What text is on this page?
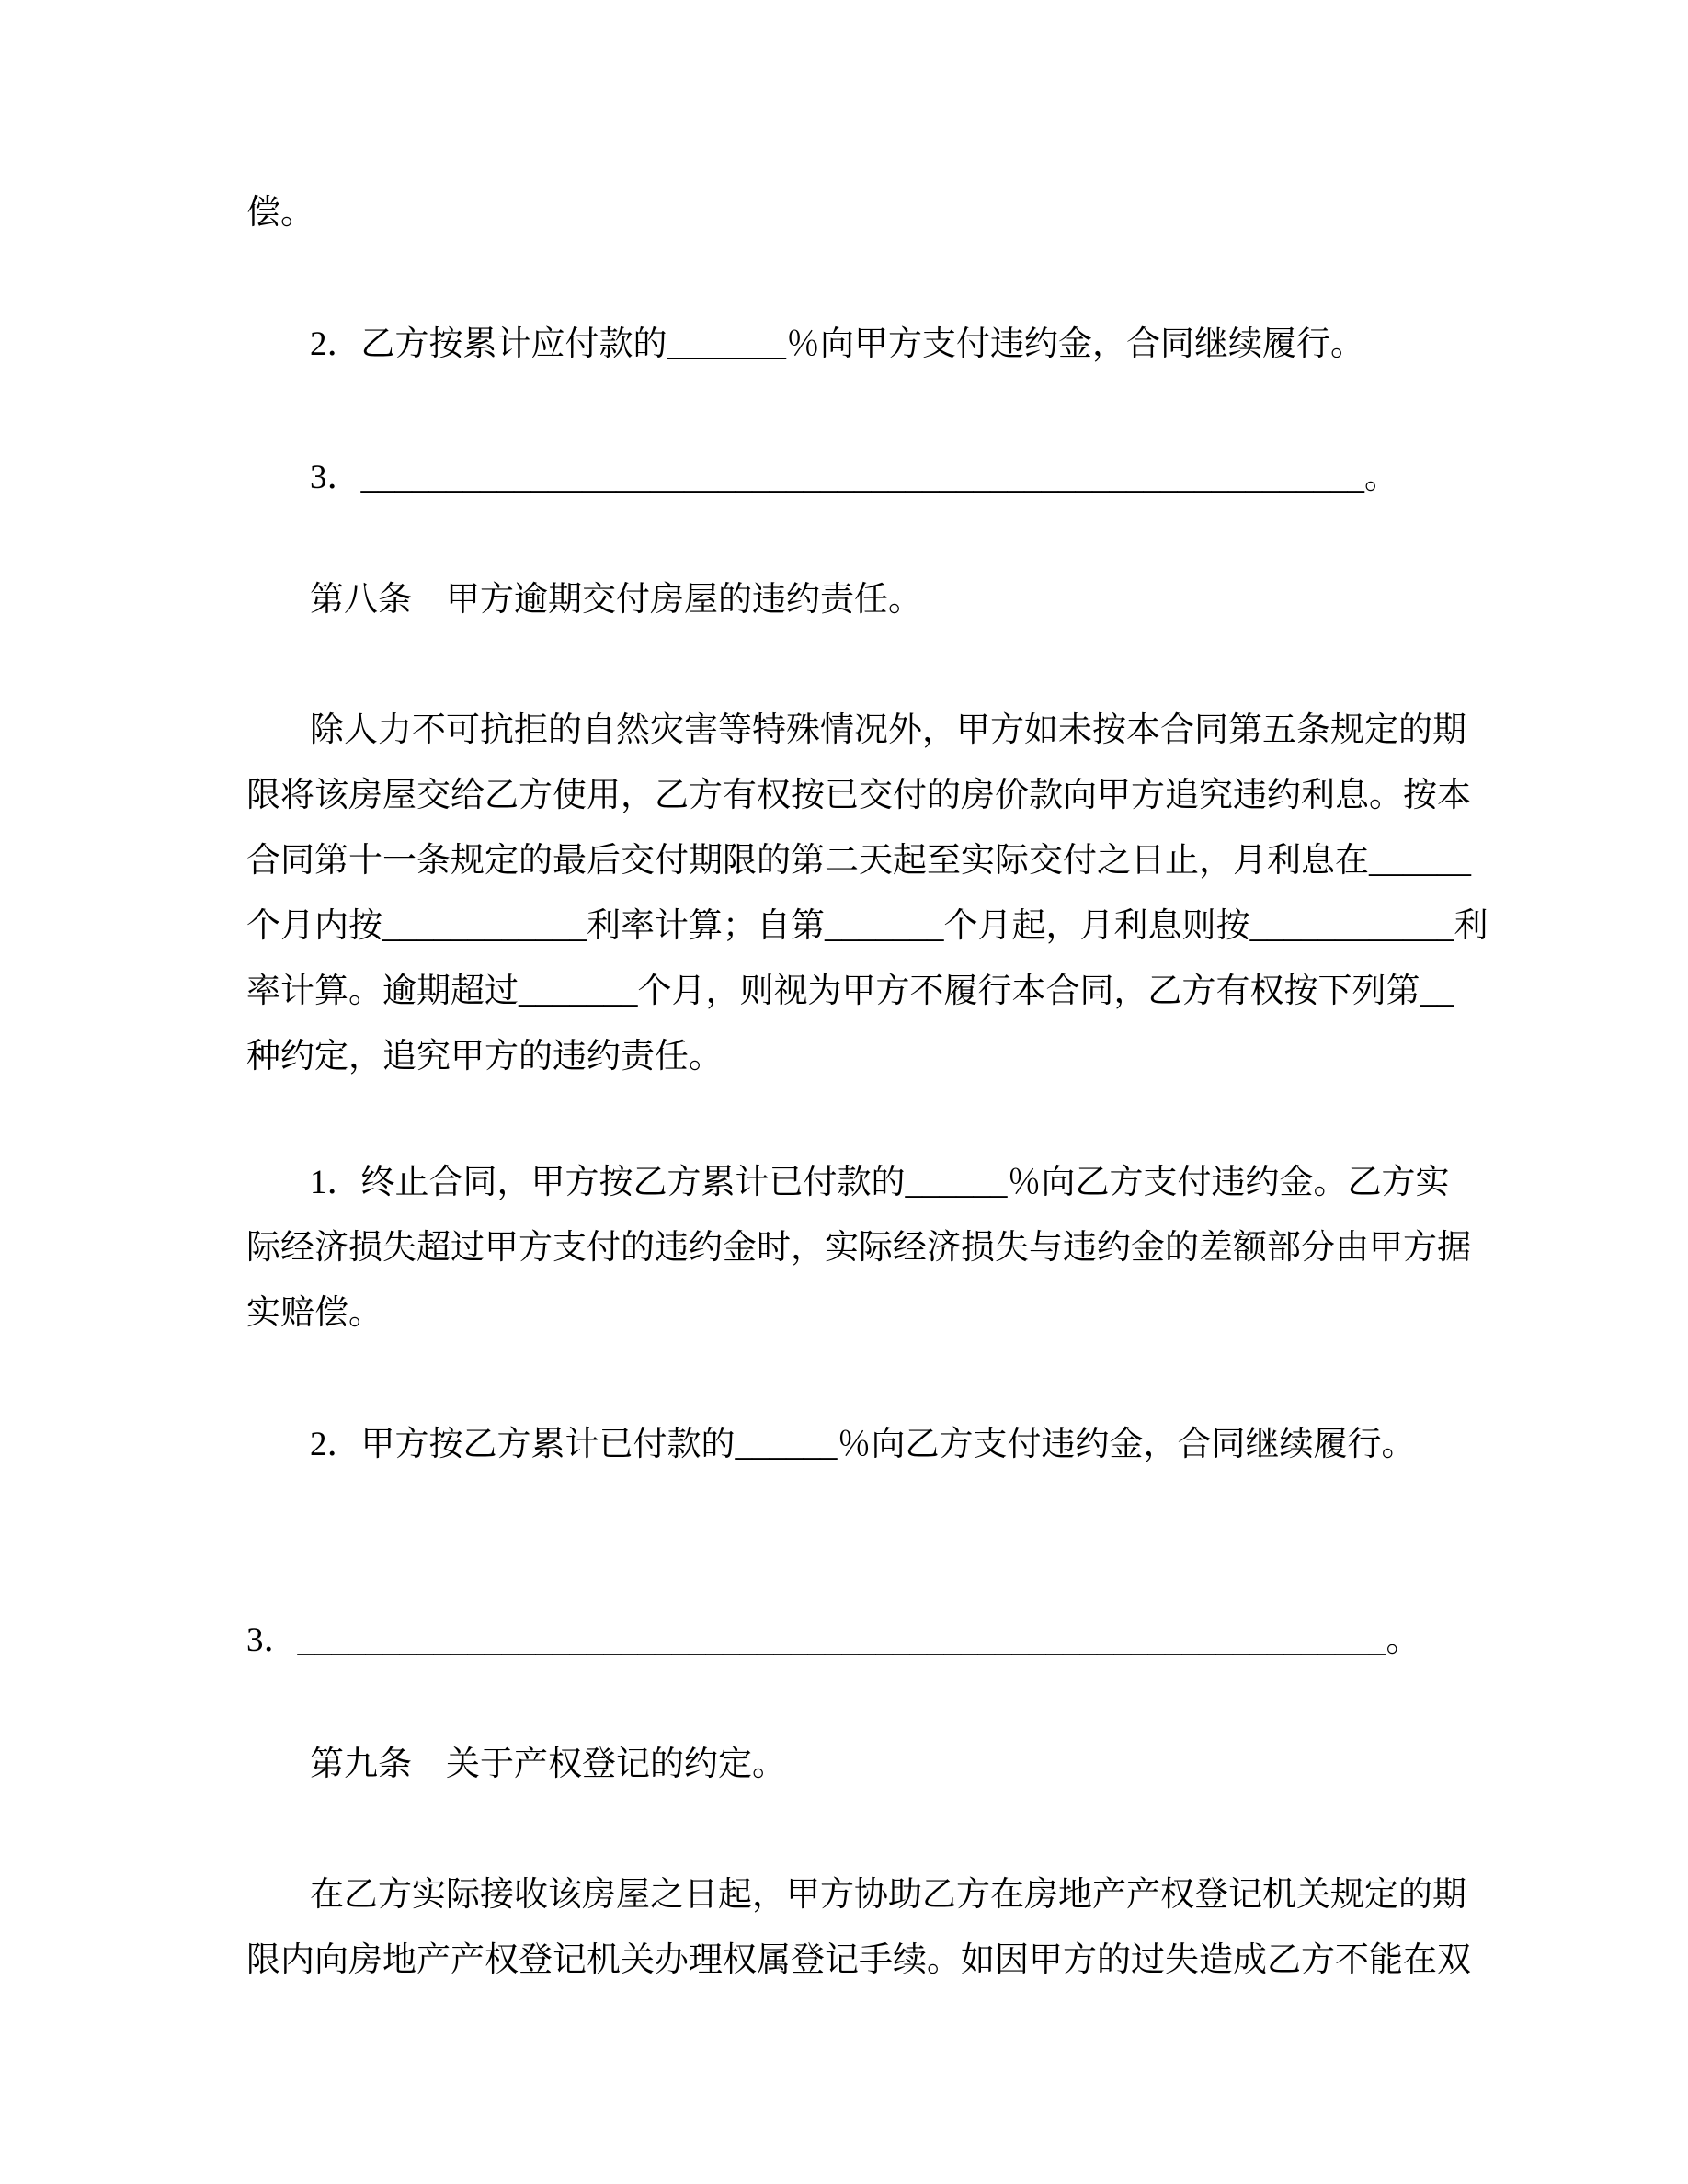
偿。
2．乙方按累计应付款的_______％向甲方支付违约金，合同继续履行。
3．___________________________________________________________。
第八条　甲方逾期交付房屋的违约责任。
除人力不可抗拒的自然灾害等特殊情况外，甲方如未按本合同第五条规定的期
限将该房屋交给乙方使用，乙方有权按已交付的房价款向甲方追究违约利息。按本
合同第十一条规定的最后交付期限的第二天起至实际交付之日止，月利息在______
个月内按____________利率计算；自第_______个月起，月利息则按____________利
率计算。逾期超过_______个月，则视为甲方不履行本合同，乙方有权按下列第__
种约定，追究甲方的违约责任。
1．终止合同，甲方按乙方累计已付款的______％向乙方支付违约金。乙方实
际经济损失超过甲方支付的违约金时，实际经济损失与违约金的差额部分由甲方据
实赔偿。
2．甲方按乙方累计已付款的______％向乙方支付违约金，合同继续履行。
3．________________________________________________________________。
第九条　关于产权登记的约定。
在乙方实际接收该房屋之日起，甲方协助乙方在房地产产权登记机关规定的期
限内向房地产产权登记机关办理权属登记手续。如因甲方的过失造成乙方不能在双
